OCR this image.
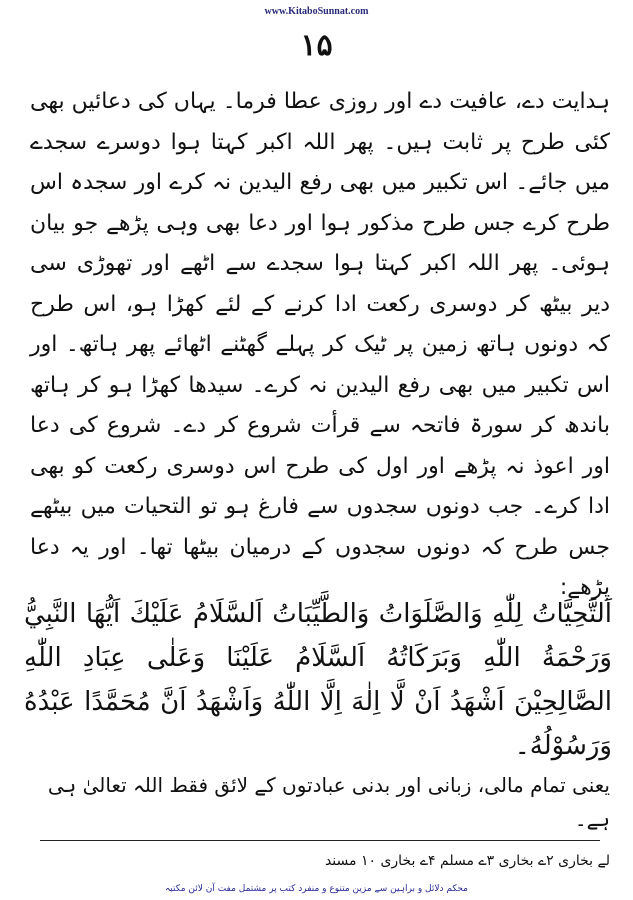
www.KitaboSunnat.com
۱۵

ہدایت دے، عافیت دے اور روزی عطا فرما۔ یہاں کی دعائیں بھی کئی طرح پر ثابت ہیں۔ پھر اللہ اکبر کہتا ہوا دوسرے سجدے میں جائے۔ اس تکبیر میں بھی رفع الیدین نہ کرے اور سجدہ اس طرح کرے جس طرح مذکور ہوا اور دعا بھی وہی پڑھے جو بیان ہوئی۔ پھر اللہ اکبر کہتا ہوا سجدے سے اٹھے اور تھوڑی سی دیر بیٹھ کر دوسری رکعت ادا کرنے کے لئے کھڑا ہو، اس طرح کہ دونوں ہاتھ زمین پر ٹیک کر پہلے گھٹنے اٹھائے پھر ہاتھ۔ اور اس تکبیر میں بھی رفع الیدین نہ کرے۔ سیدھا کھڑا ہو کر ہاتھ باندھ کر سورۃ فاتحہ سے قرأت شروع کر دے۔ شروع کی دعا اور اعوذ نہ پڑھے اور اول کی طرح اس دوسری رکعت کو بھی ادا کرے۔ جب دونوں سجدوں سے فارغ ہو تو التحیات میں بیٹھے جس طرح کہ دونوں سجدوں کے درمیان بیٹھا تھا۔ اور یہ دعا پڑھے:

اَلتَّحِيَّاتُ لِلّٰهِ وَالصَّلَوَاتُ وَالطَّيِّبَاتُ اَلسَّلَامُ عَلَيْكَ اَيُّهَا النَّبِيُّ وَرَحْمَةُ اللّٰهِ وَبَرَكَاتُهُ اَلسَّلَامُ عَلَيْنَا وَعَلٰى عِبَادِ اللّٰهِ الصَّالِحِيْنَ اَشْهَدُ اَنْ لَّا اِلٰهَ اِلَّا اللّٰهُ وَاَشْهَدُ اَنَّ مُحَمَّدًا عَبْدُهُ وَرَسُوْلُهُ۔
یعنی تمام مالی، زبانی اور بدنی عبادتوں کے لائق فقط اللہ تعالیٰ ہی ہے۔
لے بخاری ۲ے بخاری ۳ے مسلم ۴ے بخاری ۱۰ مسند
محکم دلائل و براہین سے مزین متنوع و منفرد کتب پر مشتمل مفت آن لائن مکتبہ
